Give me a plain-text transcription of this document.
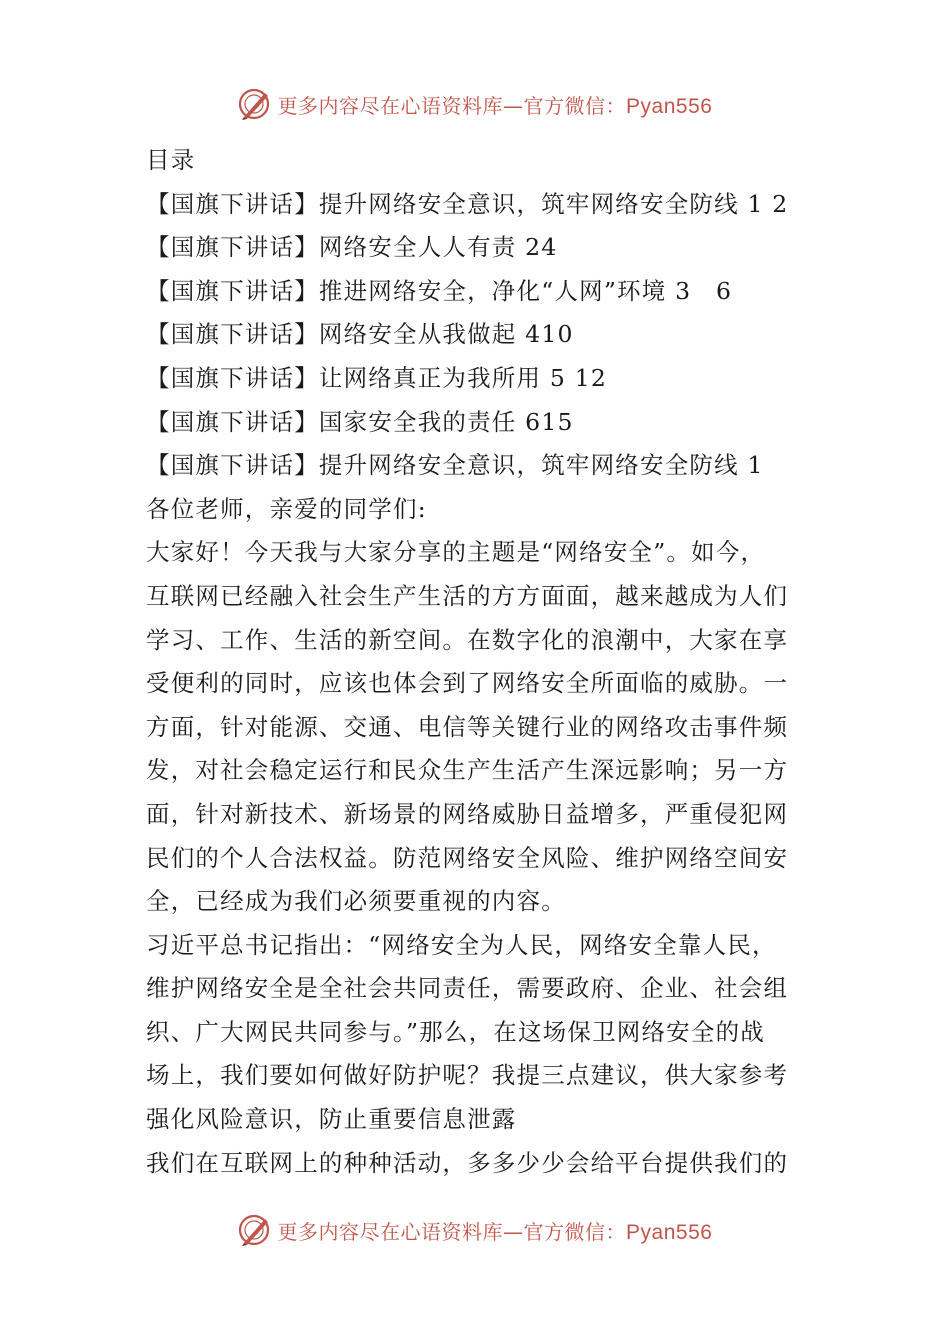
更多内容尽在心语资料库—官方微信：Pyan556
目录
【国旗下讲话】提升网络安全意识，筑牢网络安全防线 1 2
【国旗下讲话】网络安全人人有责 24
【国旗下讲话】推进网络安全，净化“人网”环境 3　6
【国旗下讲话】网络安全从我做起 410
【国旗下讲话】让网络真正为我所用 5 12
【国旗下讲话】国家安全我的责任 615
【国旗下讲话】提升网络安全意识，筑牢网络安全防线 1
各位老师，亲爱的同学们:
大家好！今天我与大家分享的主题是“网络安全”。如今，
互联网已经融入社会生产生活的方方面面，越来越成为人们
学习、工作、生活的新空间。在数字化的浪潮中，大家在享
受便利的同时，应该也体会到了网络安全所面临的威胁。一
方面，针对能源、交通、电信等关键行业的网络攻击事件频
发，对社会稳定运行和民众生产生活产生深远影响；另一方
面，针对新技术、新场景的网络威胁日益增多，严重侵犯网
民们的个人合法权益。防范网络安全风险、维护网络空间安
全，已经成为我们必须要重视的内容。
习近平总书记指出：“网络安全为人民，网络安全靠人民，
维护网络安全是全社会共同责任，需要政府、企业、社会组
织、广大网民共同参与。”那么，在这场保卫网络安全的战
场上，我们要如何做好防护呢？我提三点建议，供大家参考
强化风险意识，防止重要信息泄露
我们在互联网上的种种活动，多多少少会给平台提供我们的
更多内容尽在心语资料库—官方微信：Pyan556
